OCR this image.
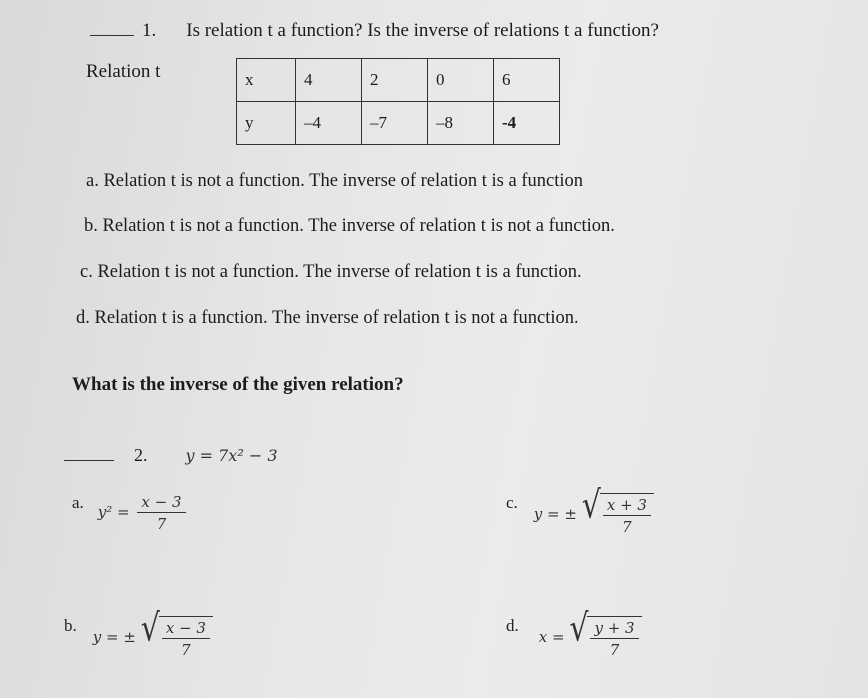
1. Is relation t a function? Is the inverse of relations t a function?
Relation t	x	4	2	0	6
y	–4	–7	–8	-4
a. Relation t is not a function. The inverse of relation t is a function
b. Relation t is not a function. The inverse of relation t is not a function.
c. Relation t is not a function. The inverse of relation t is a function.
d. Relation t is a function. The inverse of relation t is not a function.
What is the inverse of the given relation?
2. y = 7x² − 3
a. $y^2 = \frac{x - 3}{7}$	c. y = ± √ $\frac{x + 3}{7}$
b. y = ± √ $\frac{x - 3}{7}$	d. x = √ $\frac{y + 3}{7}$
